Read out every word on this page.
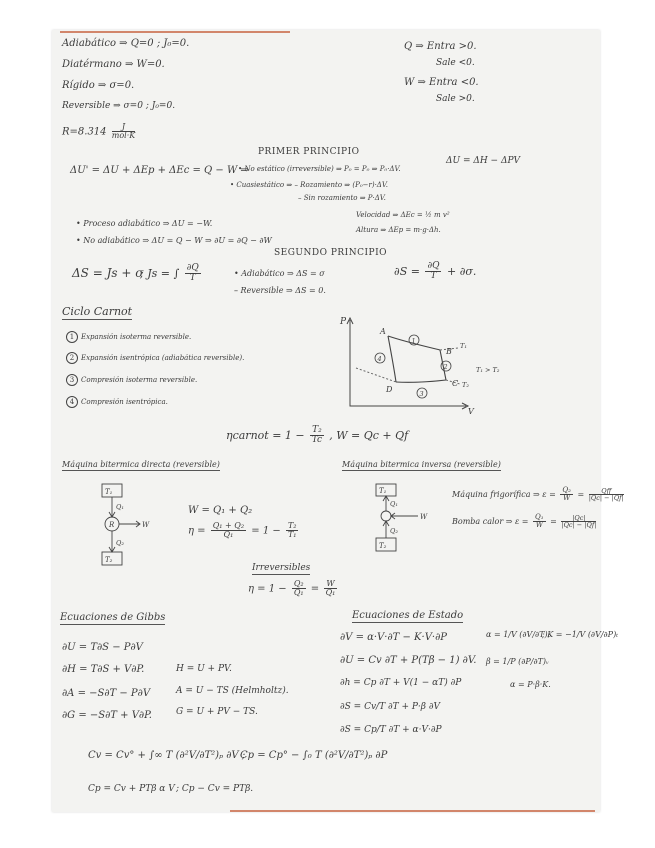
Adiabático ⇒ Q=0 ; J₀=0.
Diatérmano ⇒ W=0.
Rígido ⇒ σ=0.
Reversible ⇒ σ=0 ; J₀=0.
$R=8.314 \frac{J}{\text{mol·K}}$
Q ⇒ Entra >0.
Sale <0.
W ⇒ Entra <0.
Sale >0.
PRIMER PRINCIPIO
ΔU' = ΔU + ΔEp + ΔEc = Q − W ⇒
• No estático (irreversible) ⇒ P₀ = P₀ ⇒ P₀·ΔV.
• Cuasiestático ⇒ – Rozamiento ⇒ (P₀−r)·ΔV.
– Sin rozamiento ⇒ P·ΔV.
ΔU = ΔH − ΔPV
• Proceso adiabático ⇒ ΔU = −W.
• No adiabático ⇒ ΔU = Q − W ⇒ ∂U = ∂Q − ∂W
Velocidad ⇒ ΔEc = ½ m v²
Altura ⇒ ΔEp = m·g·Δh.
SEGUNDO PRINCIPIO
ΔS = Js + σ
; Js = ∫ $\frac{\partial Q}{T}$	• Adiabático ⇒ ΔS = σ
– Reversible ⇒ ΔS = 0.
$\partial S = \frac{\partial Q}{T} + \partial\sigma$.
Ciclo Carnot
1 Expansión isoterma reversible.
2 Expansión isentrópica (adiabática reversible).
3 Compresión isoterma reversible.
4 Compresión isentrópica.
P
V
A
B
C
D
1
2
3
4
T₁
T₂
T₁ > T₂
ηcarnot = $1 - \frac{\text{T₂}}{Tc}$ , W = Qc + Qf
Máquina bitermica directa (reversible)
T₁
Q₁
R	W
Q₂
T₂
W = Q₁ + Q₂
$\eta = \frac{\text{Q₁ + Q₂}}{\text{Q₁}} = 1 - \frac{\text{T₂}}{\text{T₁}}$
Irreversibles
$\eta = 1 - \frac{\text{Q₂}}{\text{Q₁}} = \frac{W}{\text{Q₁}}$
Máquina bitermica inversa (reversible)
T₁
Q₁
W
Q₂
T₂
Máquina frigorífica ⇒ $\varepsilon = \frac{\text{Q₂}}{W} = \frac{\text{Qff}}{|Qc| - |Qf|}$
Bomba calor ⇒ $\varepsilon = \frac{\text{Q₁}}{W} = \frac{|Qc|}{|Qc| - |Qf|}$
Ecuaciones de Gibbs
∂U = T∂S − P∂V
∂H = T∂S + V∂P.	H = U + PV.
∂A = −S∂T − P∂V	A = U − TS (Helmholtz).
∂G = −S∂T + V∂P.	G = U + PV − TS.
Ecuaciones de Estado
∂V = α·V·∂T − K·V·∂P	α = 1/V (∂V/∂T)ₚ
; K = −1/V (∂V/∂P)ₜ
∂U = Cv ∂T + P(Tβ − 1) ∂V. β = 1/P (∂P/∂T)ᵥ
∂h = Cp ∂T + V(1 − αT) ∂P	α = P·β·K.
∂S = Cv/T ∂T + P·β ∂V
∂S = Cp/T ∂T + α·V·∂P
Cv = Cv° + ∫∞ T (∂²V/∂T²)ₚ ∂V ;
Cp = Cp° − ∫₀ T (∂²V/∂T²)ₚ ∂P
Cp = Cv + PTβ α V ; Cp − Cv = PTβ.
